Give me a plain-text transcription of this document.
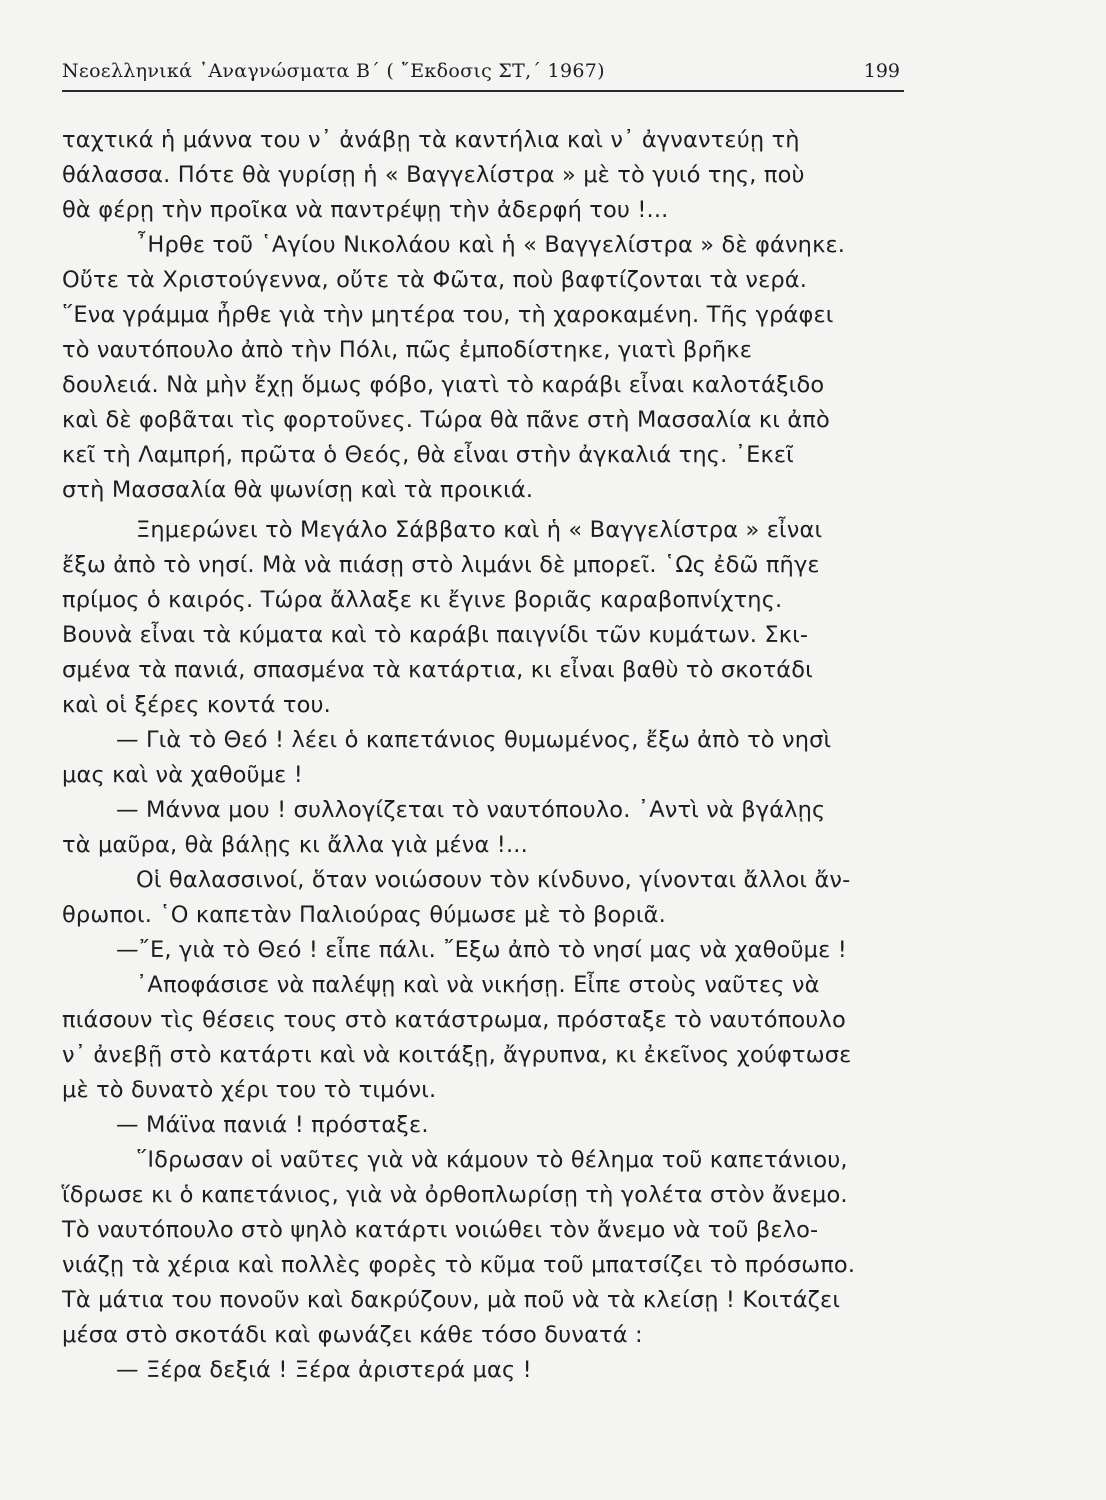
Νεοελληνικά ᾿Αναγνώσματα Β΄ ( ῎Εκδοσις ΣΤ,΄ 1967)	199
ταχτικά ἡ μάννα του ν᾿ ἀνάβῃ τὰ καντήλια καὶ ν᾿ ἀγναντεύῃ τὴ
θάλασσα. Πότε θὰ γυρίσῃ ἡ « Βαγγελίστρα » μὲ τὸ γυιό της, ποὺ
θὰ φέρῃ τὴν προῖκα νὰ παντρέψῃ τὴν ἀδερφή του !...
῏Ηρθε τοῦ ῾Αγίου Νικολάου καὶ ἡ « Βαγγελίστρα » δὲ φάνηκε.
Οὔτε τὰ Χριστούγεννα, οὔτε τὰ Φῶτα, ποὺ βαφτίζονται τὰ νερά.
῞Ενα γράμμα ἦρθε γιὰ τὴν μητέρα του, τὴ χαροκαμένη. Τῆς γράφει
τὸ ναυτόπουλο ἀπὸ τὴν Πόλι, πῶς ἐμποδίστηκε, γιατὶ βρῆκε
δουλειά. Νὰ μὴν ἔχῃ ὅμως φόβο, γιατὶ τὸ καράβι εἶναι καλοτάξιδο
καὶ δὲ φοβᾶται τὶς φορτοῦνες. Τώρα θὰ πᾶνε στὴ Μασσαλία κι ἀπὸ
κεῖ τὴ Λαμπρή, πρῶτα ὁ Θεός, θὰ εἶναι στὴν ἀγκαλιά της. ᾿Εκεῖ
στὴ Μασσαλία θὰ ψωνίσῃ καὶ τὰ προικιά.
Ξημερώνει τὸ Μεγάλο Σάββατο καὶ ἡ « Βαγγελίστρα » εἶναι
ἔξω ἀπὸ τὸ νησί. Μὰ νὰ πιάσῃ στὸ λιμάνι δὲ μπορεῖ. ῾Ως ἐδῶ πῆγε
πρίμος ὁ καιρός. Τώρα ἄλλαξε κι ἔγινε βοριᾶς καραβοπνίχτης.
Βουνὰ εἶναι τὰ κύματα καὶ τὸ καράβι παιγνίδι τῶν κυμάτων. Σκι-
σμένα τὰ πανιά, σπασμένα τὰ κατάρτια, κι εἶναι βαθὺ τὸ σκοτάδι
καὶ οἱ ξέρες κοντά του.
— Γιὰ τὸ Θεό ! λέει ὁ καπετάνιος θυμωμένος, ἔξω ἀπὸ τὸ νησὶ
μας καὶ νὰ χαθοῦμε !
— Μάννα μου ! συλλογίζεται τὸ ναυτόπουλο. ᾿Αντὶ νὰ βγάλῃς
τὰ μαῦρα, θὰ βάλῃς κι ἄλλα γιὰ μένα !...
Οἱ θαλασσινοί, ὅταν νοιώσουν τὸν κίνδυνο, γίνονται ἄλλοι ἄν-
θρωποι. ῾Ο καπετὰν Παλιούρας θύμωσε μὲ τὸ βοριᾶ.
—῎Ε, γιὰ τὸ Θεό ! εἶπε πάλι. ῎Εξω ἀπὸ τὸ νησί μας νὰ χαθοῦμε !
᾿Αποφάσισε νὰ παλέψῃ καὶ νὰ νικήσῃ. Εἶπε στοὺς ναῦτες νὰ
πιάσουν τὶς θέσεις τους στὸ κατάστρωμα, πρόσταξε τὸ ναυτόπουλο
ν᾿ ἀνεβῇ στὸ κατάρτι καὶ νὰ κοιτάξῃ, ἄγρυπνα, κι ἐκεῖνος χούφτωσε
μὲ τὸ δυνατὸ χέρι του τὸ τιμόνι.
— Μάϊνα πανιά ! πρόσταξε.
῞Ιδρωσαν οἱ ναῦτες γιὰ νὰ κάμουν τὸ θέλημα τοῦ καπετάνιου,
ἵδρωσε κι ὁ καπετάνιος, γιὰ νὰ ὀρθοπλωρίσῃ τὴ γολέτα στὸν ἄνεμο.
Τὸ ναυτόπουλο στὸ ψηλὸ κατάρτι νοιώθει τὸν ἄνεμο νὰ τοῦ βελο-
νιάζῃ τὰ χέρια καὶ πολλὲς φορὲς τὸ κῦμα τοῦ μπατσίζει τὸ πρόσωπο.
Τὰ μάτια του πονοῦν καὶ δακρύζουν, μὰ ποῦ νὰ τὰ κλείσῃ ! Κοιτάζει
μέσα στὸ σκοτάδι καὶ φωνάζει κάθε τόσο δυνατά :
— Ξέρα δεξιά ! Ξέρα ἀριστερά μας !
